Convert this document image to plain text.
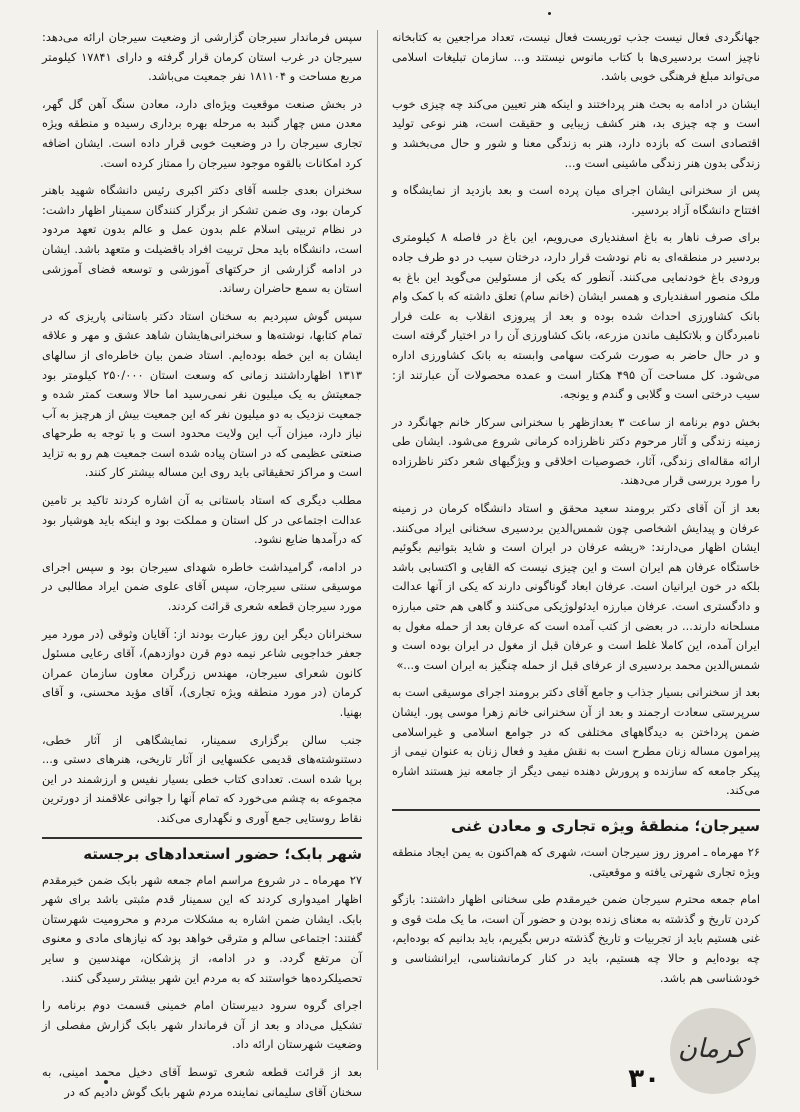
جهانگردی فعال نیست جذب توریست فعال نیست، تعداد مراجعین به کتابخانه ناچیز است بردسیری‌ها با کتاب مانوس نیستند و... سازمان تبلیغات اسلامی می‌تواند مبلغ فرهنگی خوبی باشد.

ایشان در ادامه به بحث هنر پرداختند و اینکه هنر تعیین می‌کند چه چیزی خوب است و چه چیزی بد، هنر کشف زیبایی و حقیقت است، هنر نوعی تولید اقتصادی است که بازده دارد، هنر به زندگی معنا و شور و حال می‌بخشد و زندگی بدون هنر زندگی ماشینی است و...

پس از سخنرانی ایشان اجرای میان پرده است و بعد بازدید از نمایشگاه و افتتاح دانشگاه آزاد بردسیر.

برای صرف ناهار به باغ اسفندیاری می‌رویم، این باغ در فاصله ۸ کیلومتری بردسیر در منطقه‌ای به نام نودشت قرار دارد، درختان سیب در دو طرف جاده ورودی باغ خودنمایی می‌کنند. آنطور که یکی از مسئولین می‌گوید این باغ به ملک منصور اسفندیاری و همسر ایشان (خانم سام) تعلق داشته که با کمک وام بانک کشاورزی احداث شده بوده و بعد از پیروزی انقلاب به علت فرار نامبردگان و بلاتکلیف ماندن مزرعه، بانک کشاورزی آن را در اختیار گرفته است و در حال حاضر به صورت شرکت سهامی وابسته به بانک کشاورزی اداره می‌شود. کل مساحت آن ۴۹۵ هکتار است و عمده محصولات آن عبارتند از: سیب درختی است و گلابی و گندم و یونجه.

بخش دوم برنامه از ساعت ۳ بعدازظهر با سخنرانی سرکار خانم جهانگرد در زمینه زندگی و آثار مرحوم دکتر ناظرزاده کرمانی شروع می‌شود. ایشان طی ارائه مقاله‌ای زندگی، آثار، خصوصیات اخلاقی و ویژگیهای شعر دکتر ناظرزاده را مورد بررسی قرار می‌دهند.

بعد از آن آقای دکتر برومند سعید محقق و استاد دانشگاه کرمان در زمینه عرفان و پیدایش اشخاصی چون شمس‌الدین بردسیری سخنانی ایراد می‌کنند. ایشان اظهار می‌دارند: «ریشه عرفان در ایران است و شاید بتوانیم بگوئیم خاستگاه عرفان هم ایران است و این چیزی نیست که القایی و اکتسابی باشد بلکه در خون ایرانیان است. عرفان ابعاد گوناگونی دارند که یکی از آنها عدالت و دادگستری است. عرفان مبارزه ایدئولوژیکی می‌کنند و گاهی هم حتی مبارزه مسلحانه دارند... در بعضی از کتب آمده است که عرفان بعد از حمله مغول به ایران آمده، این کاملا غلط است و عرفان قبل از مغول در ایران بوده است و شمس‌الدین محمد بردسیری از عرفای قبل از حمله چنگیز به ایران است و...»

بعد از سخنرانی بسیار جذاب و جامع آقای دکتر برومند اجرای موسیقی است به سرپرستی سعادت ارجمند و بعد از آن سخنرانی خانم زهرا موسی پور. ایشان ضمن پرداختن به دیدگاههای مختلفی که در جوامع اسلامی و غیراسلامی پیرامون مساله زنان مطرح است به نقش مفید و فعال زنان به عنوان نیمی از پیکر جامعه که سازنده و پرورش دهنده نیمی دیگر از جامعه نیز هستند اشاره می‌کند.

سیرجان؛ منطقهٔ ویژه تجاری و معادن غنی

۲۶ مهرماه ـ امروز روز سیرجان است، شهری که هم‌اکنون به یمن ایجاد منطقه ویژه تجاری شهرتی یافته و موقعیتی.

امام جمعه محترم سیرجان ضمن خیرمقدم طی سخنانی اظهار داشتند: بازگو کردن تاریخ و گذشته به معنای زنده بودن و حضور آن است، ما یک ملت قوی و غنی هستیم باید از تجربیات و تاریخ گذشته درس بگیریم، باید بدانیم که بوده‌ایم، چه بوده‌ایم و حالا چه هستیم، باید در کنار کرمانشناسی، ایرانشناسی و خودشناسی هم باشد.

سپس فرماندار سیرجان گزارشی از وضعیت سیرجان ارائه می‌دهد: سیرجان در غرب استان کرمان قرار گرفته و دارای ۱۷۸۴۱ کیلومتر مربع مساحت و ۱۸۱۱۰۴ نفر جمعیت می‌باشد.

در بخش صنعت موقعیت ویژه‌ای دارد، معادن سنگ آهن گل گهر، معدن مس چهار گنبد به مرحله بهره برداری رسیده و منطقه ویژه تجاری سیرجان را در وضعیت خوبی قرار داده است. ایشان اضافه کرد امکانات بالقوه موجود سیرجان را ممتاز کرده است.

سخنران بعدی جلسه آقای دکتر اکبری رئیس دانشگاه شهید باهنر کرمان بود، وی ضمن تشکر از برگزار کنندگان سمینار اظهار داشت: در نظام تربیتی اسلام علم بدون عمل و عالم بدون تعهد مردود است، دانشگاه باید محل تربیت افراد باقضیلت و متعهد باشد. ایشان در ادامه گزارشی از حرکتهای آموزشی و توسعه فضای آموزشی استان به سمع حاضران رساند.

سپس گوش سپردیم به سخنان استاد دکتر باستانی پاریزی که در تمام کتابها، نوشته‌ها و سخنرانی‌هایشان شاهد عشق و مهر و علاقه ایشان به این خطه بوده‌ایم. استاد ضمن بیان خاطره‌ای از سالهای ۱۳۱۳ اظهارداشتند زمانی که وسعت استان ۲۵۰/۰۰۰ کیلومتر بود جمعیتش به یک میلیون نفر نمی‌رسید اما حالا وسعت کمتر شده و جمعیت نزدیک به دو میلیون نفر که این جمعیت بیش از هرچیز به آب نیاز دارد، میزان آب این ولایت محدود است و با توجه به طرحهای صنعتی عظیمی که در استان پیاده شده است جمعیت هم رو به تزاید است و مراکز تحقیقاتی باید روی این مساله بیشتر کار کنند.

مطلب دیگری که استاد باستانی به آن اشاره کردند تاکید بر تامین عدالت اجتماعی در کل استان و مملکت بود و اینکه باید هوشیار بود که درآمدها ضایع نشود.

در ادامه، گرامیداشت خاطره شهدای سیرجان بود و سپس اجرای موسیقی سنتی سیرجان، سپس آقای علوی ضمن ایراد مطالبی در مورد سیرجان قطعه شعری قرائت کردند.

سخنرانان دیگر این روز عبارت بودند از: آقایان وثوقی (در مورد میر جعفر خداجویی شاعر نیمه دوم قرن دوازدهم)، آقای رعایی مسئول کانون شعرای سیرجان، مهندس زرگران معاون سازمان عمران کرمان (در مورد منطقه ویژه تجاری)، آقای مؤید محسنی، و آقای بهنیا.

جنب سالن برگزاری سمینار، نمایشگاهی از آثار خطی، دستنوشته‌های قدیمی عکسهایی از آثار تاریخی، هنرهای دستی و... برپا شده است. تعدادی کتاب خطی بسیار نفیس و ارزشمند در این مجموعه به چشم می‌خورد که تمام آنها را جوانی علاقمند از دورترین نقاط روستایی جمع آوری و نگهداری می‌کند.

شهر بابک؛ حضور استعدادهای برجسته

۲۷ مهرماه ـ در شروع مراسم امام جمعه شهر بابک ضمن خیرمقدم اظهار امیدواری کردند که این سمینار قدم مثبتی باشد برای شهر بابک. ایشان ضمن اشاره به مشکلات مردم و محرومیت شهرستان گفتند: اجتماعی سالم و مترقی خواهد بود که نیازهای مادی و معنوی آن مرتفع گردد. و در ادامه، از پزشکان، مهندسین و سایر تحصیلکرده‌ها خواستند که به مردم این شهر بیشتر رسیدگی کنند.

اجرای گروه سرود دبیرستان امام خمینی قسمت دوم برنامه را تشکیل می‌داد و بعد از آن فرماندار شهر بابک گزارش مفصلی از وضعیت شهرستان ارائه داد.

بعد از قرائت قطعه شعری توسط آقای دخیل محمد امینی، به سخنان آقای سلیمانی نماینده مردم شهر بابک گوش دادیم که در	۳۰
کرمان
